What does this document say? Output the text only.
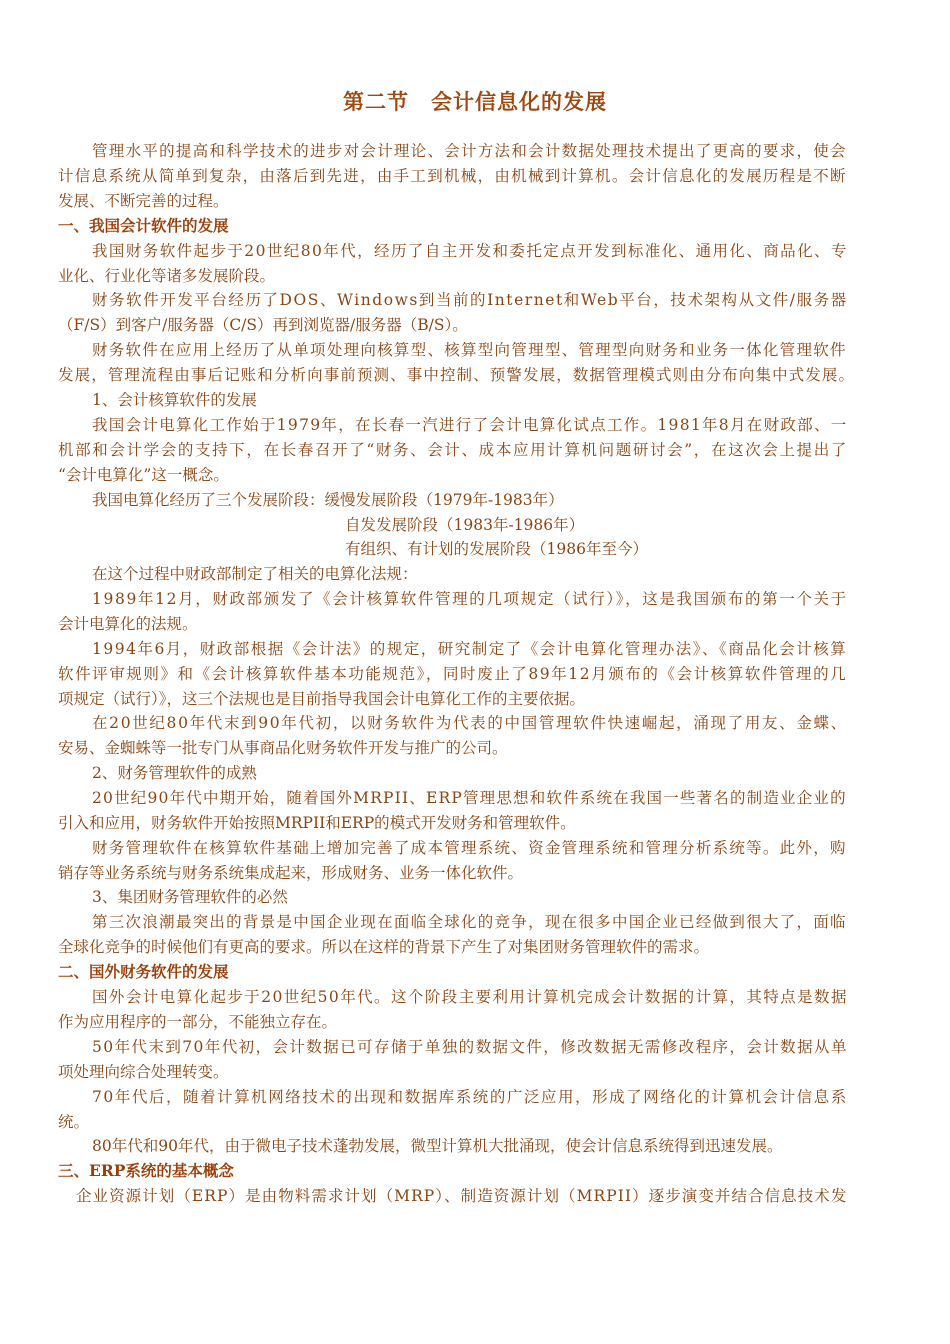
第二节　会计信息化的发展
管理水平的提高和科学技术的进步对会计理论、会计方法和会计数据处理技术提出了更高的要求，使会
计信息系统从简单到复杂，由落后到先进，由手工到机械，由机械到计算机。会计信息化的发展历程是不断
发展、不断完善的过程。
一、我国会计软件的发展
我国财务软件起步于20世纪80年代，经历了自主开发和委托定点开发到标准化、通用化、商品化、专
业化、行业化等诸多发展阶段。
财务软件开发平台经历了DOS、Windows到当前的Internet和Web平台，技术架构从文件/服务器
（F/S）到客户/服务器（C/S）再到浏览器/服务器（B/S）。
财务软件在应用上经历了从单项处理向核算型、核算型向管理型、管理型向财务和业务一体化管理软件
发展，管理流程由事后记账和分析向事前预测、事中控制、预警发展，数据管理模式则由分布向集中式发展。
1、会计核算软件的发展
我国会计电算化工作始于1979年，在长春一汽进行了会计电算化试点工作。1981年8月在财政部、一
机部和会计学会的支持下，在长春召开了“财务、会计、成本应用计算机问题研讨会”，在这次会上提出了
“会计电算化”这一概念。
我国电算化经历了三个发展阶段：缓慢发展阶段（1979年-1983年）
自发发展阶段（1983年-1986年）
有组织、有计划的发展阶段（1986年至今）
在这个过程中财政部制定了相关的电算化法规：
1989年12月，财政部颁发了《会计核算软件管理的几项规定（试行）》，这是我国颁布的第一个关于
会计电算化的法规。
1994年6月，财政部根据《会计法》的规定，研究制定了《会计电算化管理办法》、《商品化会计核算
软件评审规则》和《会计核算软件基本功能规范》，同时废止了89年12月颁布的《会计核算软件管理的几
项规定（试行）》，这三个法规也是目前指导我国会计电算化工作的主要依据。
在20世纪80年代末到90年代初，以财务软件为代表的中国管理软件快速崛起，涌现了用友、金蝶、
安易、金蜘蛛等一批专门从事商品化财务软件开发与推广的公司。
2、财务管理软件的成熟
20世纪90年代中期开始，随着国外MRPII、ERP管理思想和软件系统在我国一些著名的制造业企业的
引入和应用，财务软件开始按照MRPII和ERP的模式开发财务和管理软件。
财务管理软件在核算软件基础上增加完善了成本管理系统、资金管理系统和管理分析系统等。此外，购
销存等业务系统与财务系统集成起来，形成财务、业务一体化软件。
3、集团财务管理软件的必然
第三次浪潮最突出的背景是中国企业现在面临全球化的竞争，现在很多中国企业已经做到很大了，面临
全球化竞争的时候他们有更高的要求。所以在这样的背景下产生了对集团财务管理软件的需求。
二、国外财务软件的发展
国外会计电算化起步于20世纪50年代。这个阶段主要利用计算机完成会计数据的计算，其特点是数据
作为应用程序的一部分，不能独立存在。
50年代末到70年代初，会计数据已可存储于单独的数据文件，修改数据无需修改程序，会计数据从单
项处理向综合处理转变。
70年代后，随着计算机网络技术的出现和数据库系统的广泛应用，形成了网络化的计算机会计信息系
统。
80年代和90年代，由于微电子技术蓬勃发展，微型计算机大批涌现，使会计信息系统得到迅速发展。
三、ERP系统的基本概念
企业资源计划（ERP）是由物料需求计划（MRP）、制造资源计划（MRPII）逐步演变并结合信息技术发
